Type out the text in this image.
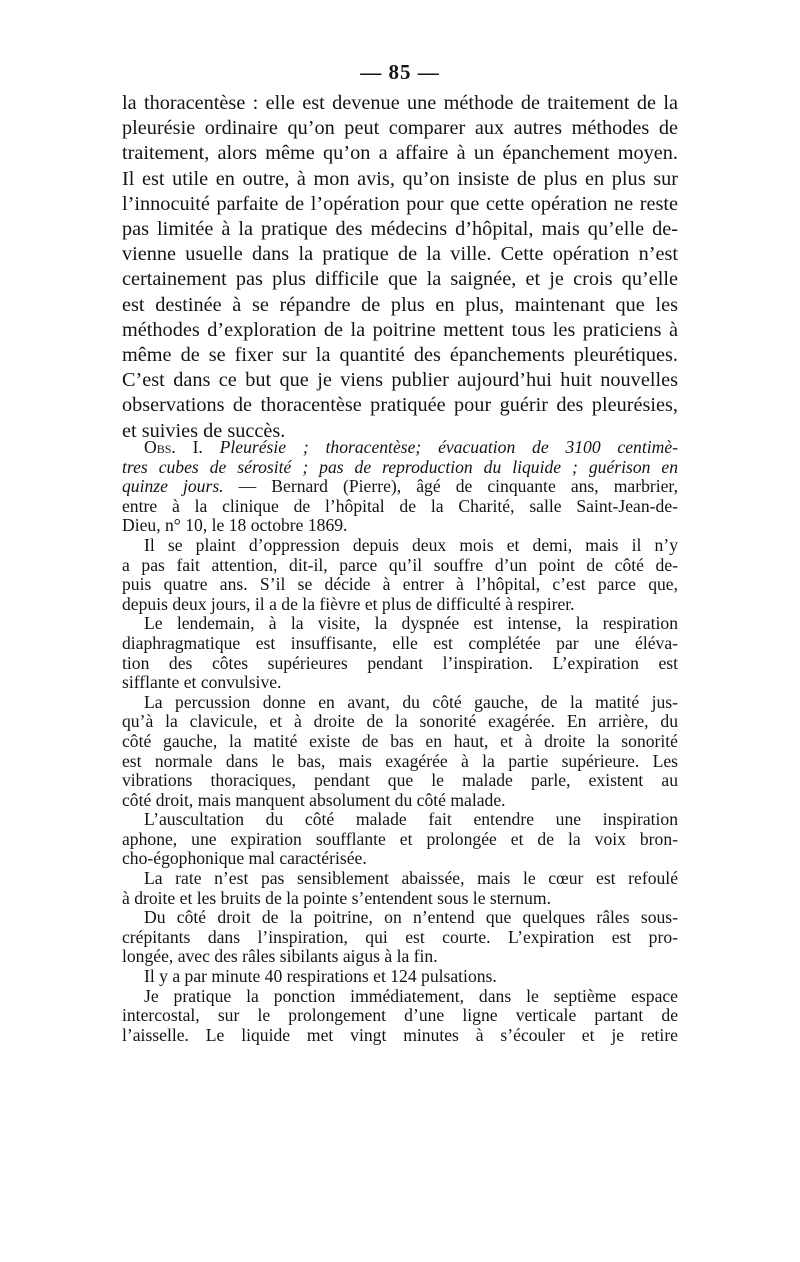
— 85 —

la thoracentèse : elle est devenue une méthode de traitement de la

pleurésie ordinaire qu’on peut comparer aux autres méthodes de

traitement, alors même qu’on a affaire à un épanchement moyen.

Il est utile en outre, à mon avis, qu’on insiste de plus en plus sur

l’innocuité parfaite de l’opération pour que cette opération ne reste

pas limitée à la pratique des médecins d’hôpital, mais qu’elle de-

vienne usuelle dans la pratique de la ville. Cette opération n’est

certainement pas plus difficile que la saignée, et je crois qu’elle

est destinée à se répandre de plus en plus, maintenant que les

méthodes d’exploration de la poitrine mettent tous les praticiens à

même de se fixer sur la quantité des épanchements pleurétiques.

C’est dans ce but que je viens publier aujourd’hui huit nouvelles

observations de thoracentèse pratiquée pour guérir des pleurésies,

et suivies de succès.

Obs. I. Pleurésie ; thoracentèse; évacuation de 3100 centimè-

tres cubes de sérosité ; pas de reproduction du liquide ; guérison en

quinze jours. — Bernard (Pierre), âgé de cinquante ans, marbrier,

entre à la clinique de l’hôpital de la Charité, salle Saint-Jean-de-

Dieu, n° 10, le 18 octobre 1869.

Il se plaint d’oppression depuis deux mois et demi, mais il n’y

a pas fait attention, dit-il, parce qu’il souffre d’un point de côté de-

puis quatre ans. S’il se décide à entrer à l’hôpital, c’est parce que,

depuis deux jours, il a de la fièvre et plus de difficulté à respirer.

Le lendemain, à la visite, la dyspnée est intense, la respiration

diaphragmatique est insuffisante, elle est complétée par une éléva-

tion des côtes supérieures pendant l’inspiration. L’expiration est

sifflante et convulsive.

La percussion donne en avant, du côté gauche, de la matité jus-

qu’à la clavicule, et à droite de la sonorité exagérée. En arrière, du

côté gauche, la matité existe de bas en haut, et à droite la sonorité

est normale dans le bas, mais exagérée à la partie supérieure. Les

vibrations thoraciques, pendant que le malade parle, existent au

côté droit, mais manquent absolument du côté malade.

L’auscultation du côté malade fait entendre une inspiration

aphone, une expiration soufflante et prolongée et de la voix bron-

cho-égophonique mal caractérisée.

La rate n’est pas sensiblement abaissée, mais le cœur est refoulé

à droite et les bruits de la pointe s’entendent sous le sternum.

Du côté droit de la poitrine, on n’entend que quelques râles sous-

crépitants dans l’inspiration, qui est courte. L’expiration est pro-

longée, avec des râles sibilants aigus à la fin.

Il y a par minute 40 respirations et 124 pulsations.

Je pratique la ponction immédiatement, dans le septième espace

intercostal, sur le prolongement d’une ligne verticale partant de

l’aisselle. Le liquide met vingt minutes à s’écouler et je retire
